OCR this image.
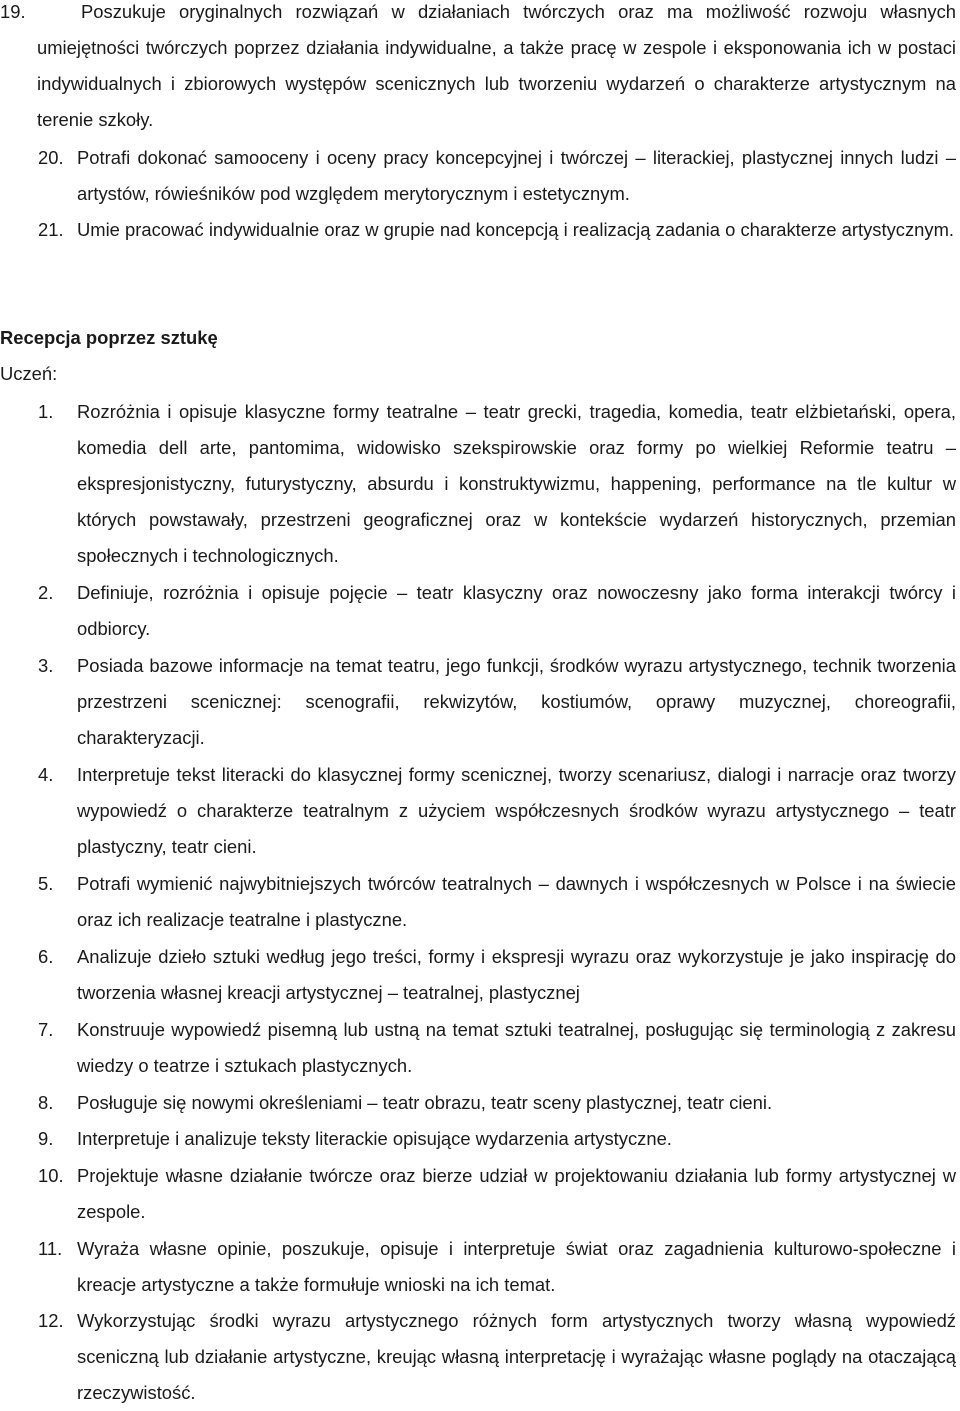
19.	Poszukuje oryginalnych rozwiązań w działaniach twórczych oraz ma możliwość rozwoju własnych umiejętności twórczych poprzez działania indywidualne, a także pracę w zespole i eksponowania ich w postaci indywidualnych i zbiorowych występów scenicznych lub tworzeniu wydarzeń o charakterze artystycznym na terenie szkoły.
20. Potrafi dokonać samooceny i oceny pracy koncepcyjnej i twórczej – literackiej, plastycznej innych ludzi – artystów, rówieśników pod względem merytorycznym i estetycznym.
21. Umie pracować indywidualnie oraz w grupie nad koncepcją i realizacją zadania o charakterze artystycznym.
Recepcja poprzez sztukę
Uczeń:
1. Rozróżnia i opisuje klasyczne formy teatralne – teatr grecki, tragedia, komedia, teatr elżbietański, opera, komedia dell arte, pantomima, widowisko szekspirowskie oraz formy po wielkiej Reformie teatru – ekspresjonistyczny, futurystyczny, absurdu i konstruktywizmu, happening, performance na tle kultur w których powstawały, przestrzeni geograficznej oraz w kontekście wydarzeń historycznych, przemian społecznych i technologicznych.
2. Definiuje, rozróżnia i opisuje pojęcie – teatr klasyczny oraz nowoczesny jako forma interakcji twórcy i odbiorcy.
3. Posiada bazowe informacje na temat teatru, jego funkcji, środków wyrazu artystycznego, technik tworzenia przestrzeni scenicznej: scenografii, rekwizytów, kostiumów, oprawy muzycznej, choreografii, charakteryzacji.
4. Interpretuje tekst literacki do klasycznej formy scenicznej, tworzy scenariusz, dialogi i narracje oraz tworzy wypowiedź o charakterze teatralnym z użyciem współczesnych środków wyrazu artystycznego – teatr plastyczny, teatr cieni.
5. Potrafi wymienić najwybitniejszych twórców teatralnych – dawnych i współczesnych w Polsce i na świecie oraz ich realizacje teatralne i plastyczne.
6. Analizuje dzieło sztuki według jego treści, formy i ekspresji wyrazu oraz wykorzystuje je jako inspirację do tworzenia własnej kreacji artystycznej – teatralnej, plastycznej
7. Konstruuje wypowiedź pisemną lub ustną na temat sztuki teatralnej, posługując się terminologią z zakresu wiedzy o teatrze i sztukach plastycznych.
8. Posługuje się nowymi określeniami – teatr obrazu, teatr sceny plastycznej, teatr cieni.
9. Interpretuje i analizuje teksty literackie opisujące wydarzenia artystyczne.
10. Projektuje własne działanie twórcze oraz bierze udział w projektowaniu działania lub formy artystycznej w zespole.
11. Wyraża własne opinie, poszukuje, opisuje i interpretuje świat oraz zagadnienia kulturowo-społeczne i kreacje artystyczne a także formułuje wnioski na ich temat.
12. Wykorzystując środki wyrazu artystycznego różnych form artystycznych tworzy własną wypowiedź sceniczną lub działanie artystyczne, kreując własną interpretację i wyrażając własne poglądy na otaczającą rzeczywistość.
